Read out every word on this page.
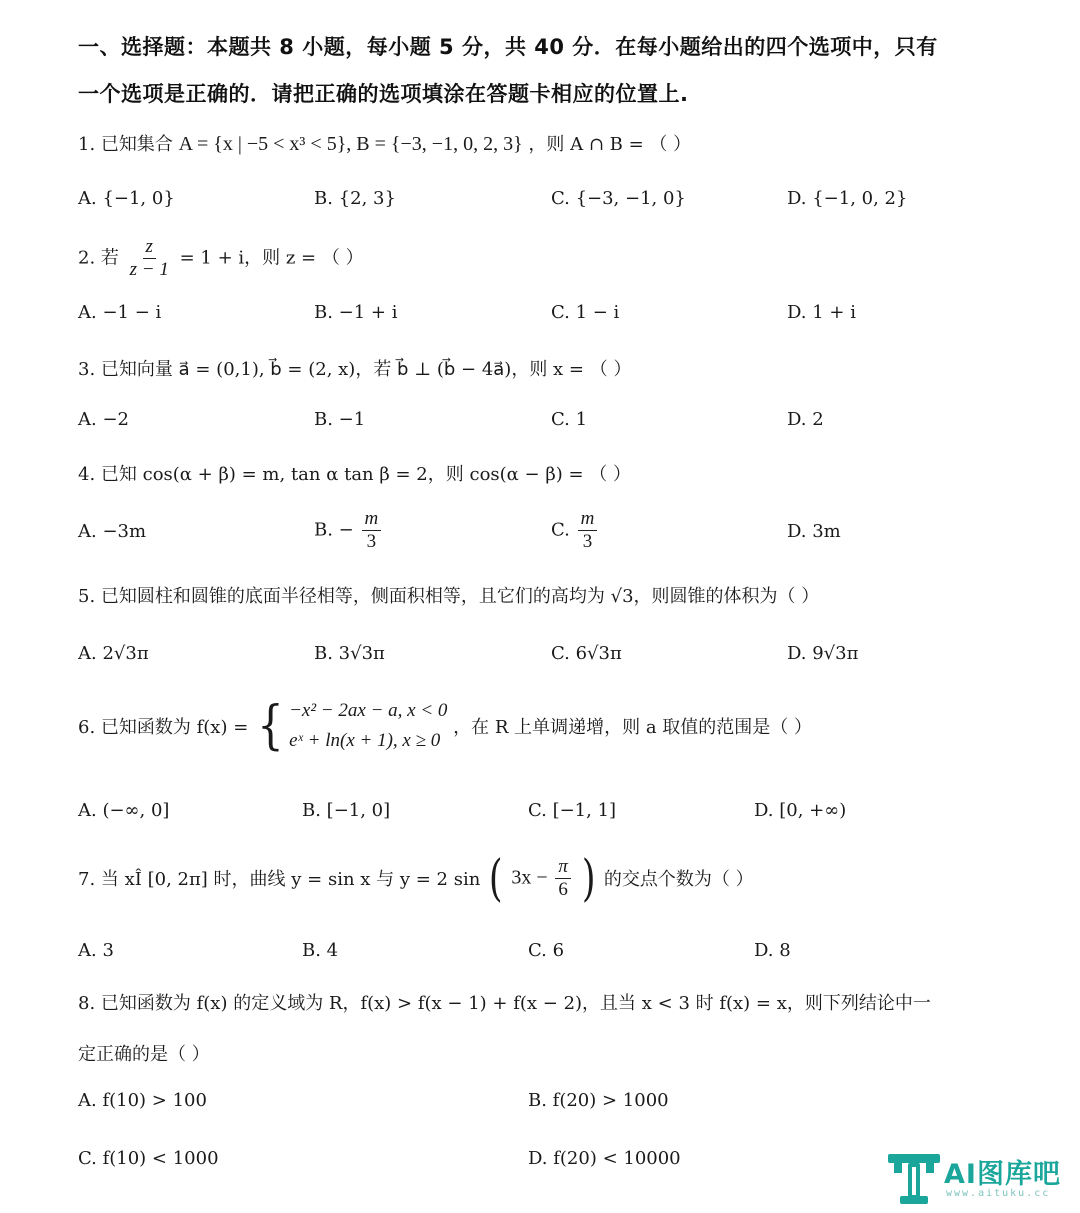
一、选择题：本题共 8 小题，每小题 5 分，共 40 分．在每小题给出的四个选项中，只有
一个选项是正确的．请把正确的选项填涂在答题卡相应的位置上.
1. 已知集合 A = {x | −5 < x³ < 5}, B = {−3, −1, 0, 2, 3} ，则 A ∩ B = （ ）
A. {−1, 0}	B. {2, 3}	C. {−3, −1, 0}	D. {−1, 0, 2}
2. 若 $\frac{z}{z - 1} = 1 + i$，则 z = （ ）
A. −1 − i	B. −1 + i	C. 1 − i	D. 1 + i
3. 已知向量 a⃗ = (0,1), b⃗ = (2, x)，若 b⃗ ⊥ (b⃗ − 4a⃗)，则 x = （ ）
A. −2	B. −1	C. 1	D. 2
4. 已知 cos(α + β) = m, tan α tan β = 2，则 cos(α − β) = （ ）
A. −3m	B. − $\frac{m}{3}$	C. $\frac{m}{3}$	D. 3m
5. 已知圆柱和圆锥的底面半径相等，侧面积相等，且它们的高均为 √3，则圆锥的体积为（ ）
A. 2√3π	B. 3√3π	C. 6√3π	D. 9√3π
6. 已知函数为 f(x) = { −x² − 2ax − a, x < 0
eˣ + ln(x + 1), x ≥ 0
，在 R 上单调递增，则 a 取值的范围是（ ）
A. (−∞, 0]	B. [−1, 0]	C. [−1, 1]	D. [0, +∞)
7. 当 xÎ [0, 2π] 时，曲线 y = sin x 与 y = 2 sin ( $3x - \frac{\pi}{6}$ ) 的交点个数为（ ）
A. 3	B. 4	C. 6	D. 8
8. 已知函数为 f(x) 的定义域为 R，f(x) > f(x − 1) + f(x − 2)，且当 x < 3 时 f(x) = x，则下列结论中一
定正确的是（ ）
A. f(10) > 100	B. f(20) > 1000
C. f(10) < 1000	D. f(20) < 10000
AI图库吧
www.aituku.cc
